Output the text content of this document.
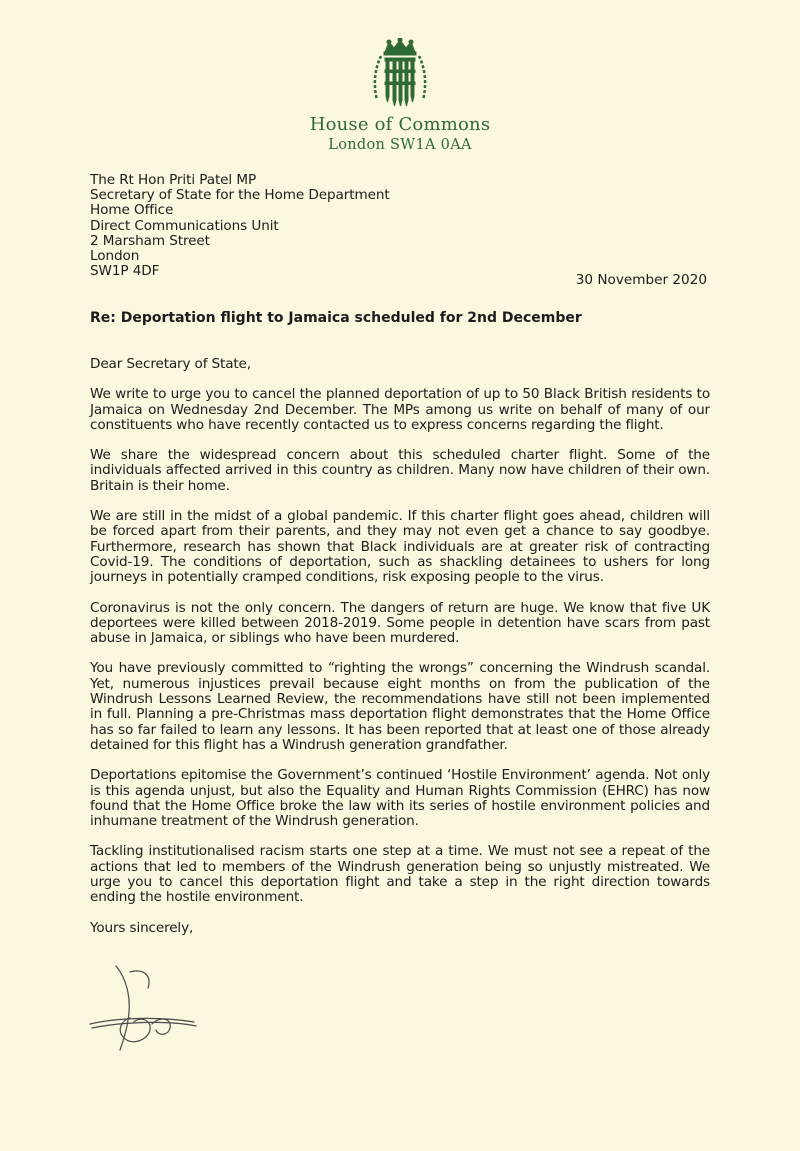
House of Commons
London SW1A 0AA
The Rt Hon Priti Patel MP
Secretary of State for the Home Department
Home Office
Direct Communications Unit
2 Marsham Street
London
SW1P 4DF
30 November 2020
Re: Deportation flight to Jamaica scheduled for 2nd December

Dear Secretary of State,

We write to urge you to cancel the planned deportation of up to 50 Black British residents to Jamaica on Wednesday 2nd December. The MPs among us write on behalf of many of our constituents who have recently contacted us to express concerns regarding the flight.

We share the widespread concern about this scheduled charter flight. Some of the individuals affected arrived in this country as children. Many now have children of their own. Britain is their home.

We are still in the midst of a global pandemic. If this charter flight goes ahead, children will be forced apart from their parents, and they may not even get a chance to say goodbye. Furthermore, research has shown that Black individuals are at greater risk of contracting Covid-19. The conditions of deportation, such as shackling detainees to ushers for long journeys in potentially cramped conditions, risk exposing people to the virus.

Coronavirus is not the only concern. The dangers of return are huge. We know that five UK deportees were killed between 2018-2019. Some people in detention have scars from past abuse in Jamaica, or siblings who have been murdered.

You have previously committed to “righting the wrongs” concerning the Windrush scandal. Yet, numerous injustices prevail because eight months on from the publication of the Windrush Lessons Learned Review, the recommendations have still not been implemented in full. Planning a pre-Christmas mass deportation flight demonstrates that the Home Office has so far failed to learn any lessons. It has been reported that at least one of those already detained for this flight has a Windrush generation grandfather.

Deportations epitomise the Government’s continued ‘Hostile Environment’ agenda. Not only is this agenda unjust, but also the Equality and Human Rights Commission (EHRC) has now found that the Home Office broke the law with its series of hostile environment policies and inhumane treatment of the Windrush generation.

Tackling institutionalised racism starts one step at a time. We must not see a repeat of the actions that led to members of the Windrush generation being so unjustly mistreated. We urge you to cancel this deportation flight and take a step in the right direction towards ending the hostile environment.

Yours sincerely,
